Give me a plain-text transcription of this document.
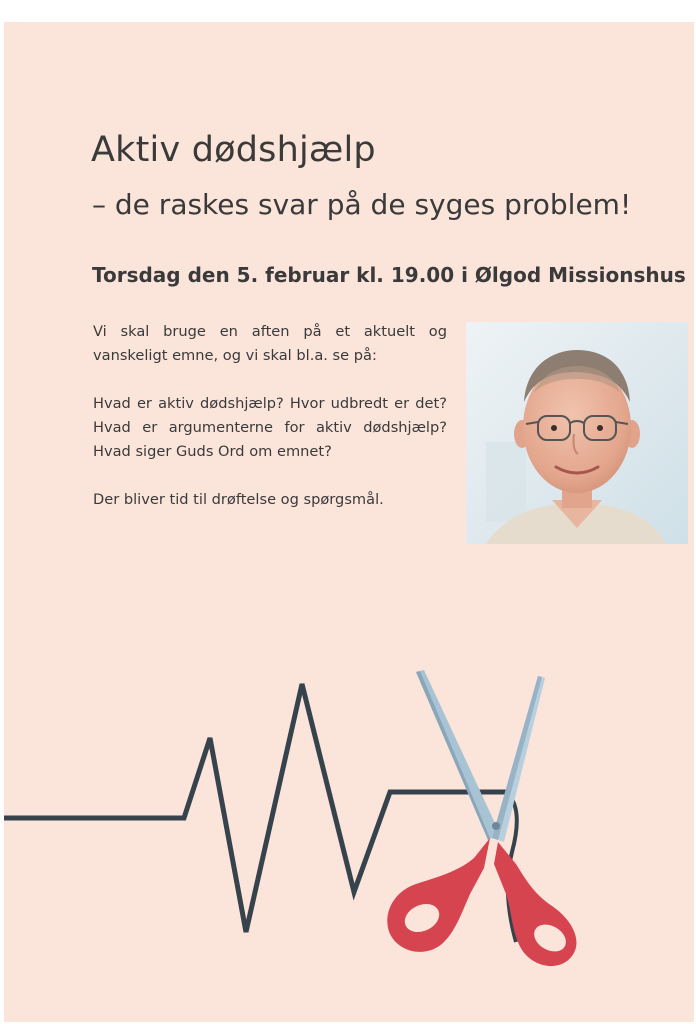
Aktiv dødshjælp
– de raskes svar på de syges problem!
Torsdag den 5. februar kl. 19.00 i Ølgod Missionshus

Vi skal bruge en aften på et aktuelt og vanskeligt emne, og vi skal bl.a. se på:

Hvad er aktiv dødshjælp? Hvor udbredt er det? Hvad er argumenterne for aktiv dødshjælp? Hvad siger Guds Ord om emnet?

Der bliver tid til drøftelse og spørgsmål.
